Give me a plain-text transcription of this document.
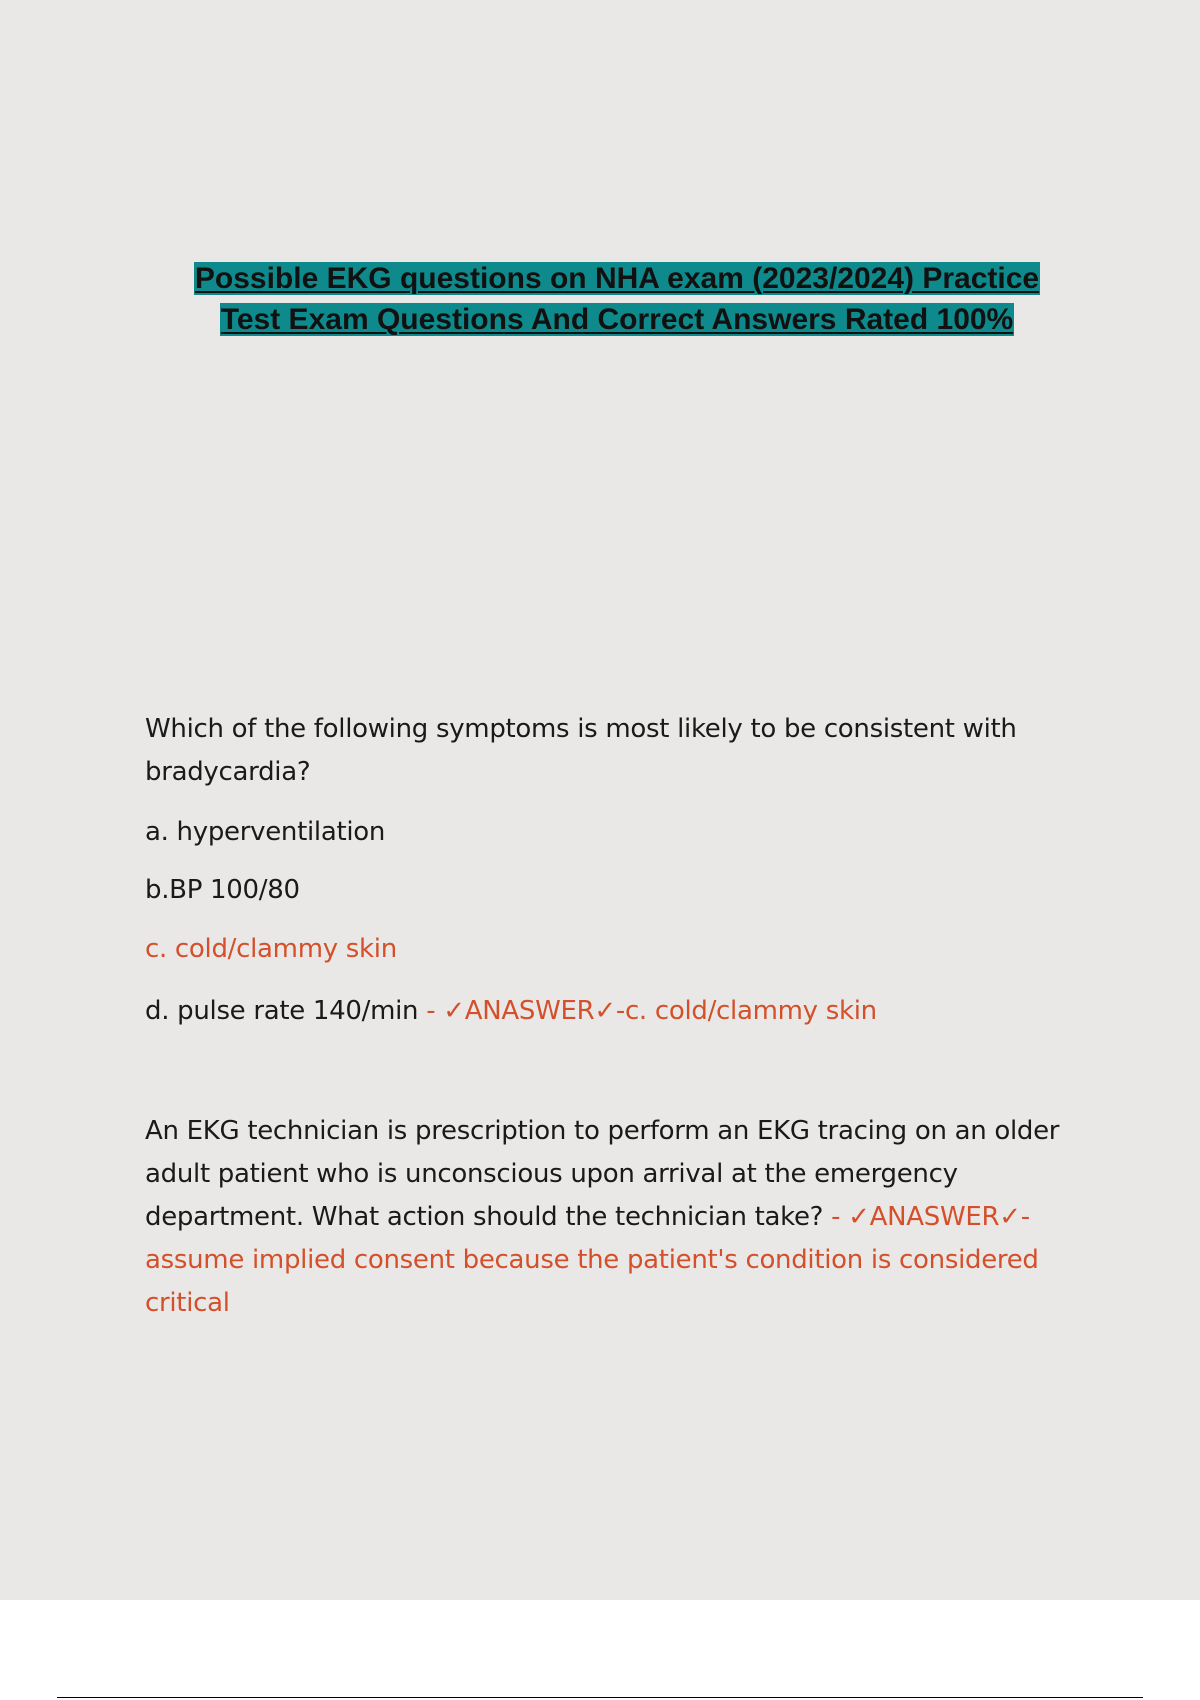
Possible EKG questions on NHA exam (2023/2024) Practice
Test Exam Questions And Correct Answers Rated 100%

Which of the following symptoms is most likely to be consistent with bradycardia?

a. hyperventilation

b.BP 100/80

c. cold/clammy skin

d. pulse rate 140/min - ✓ANASWER✓-c. cold/clammy skin

An EKG technician is prescription to perform an EKG tracing on an older adult patient who is unconscious upon arrival at the emergency department. What action should the technician take? - ✓ANASWER✓- assume implied consent because the patient's condition is considered critical
